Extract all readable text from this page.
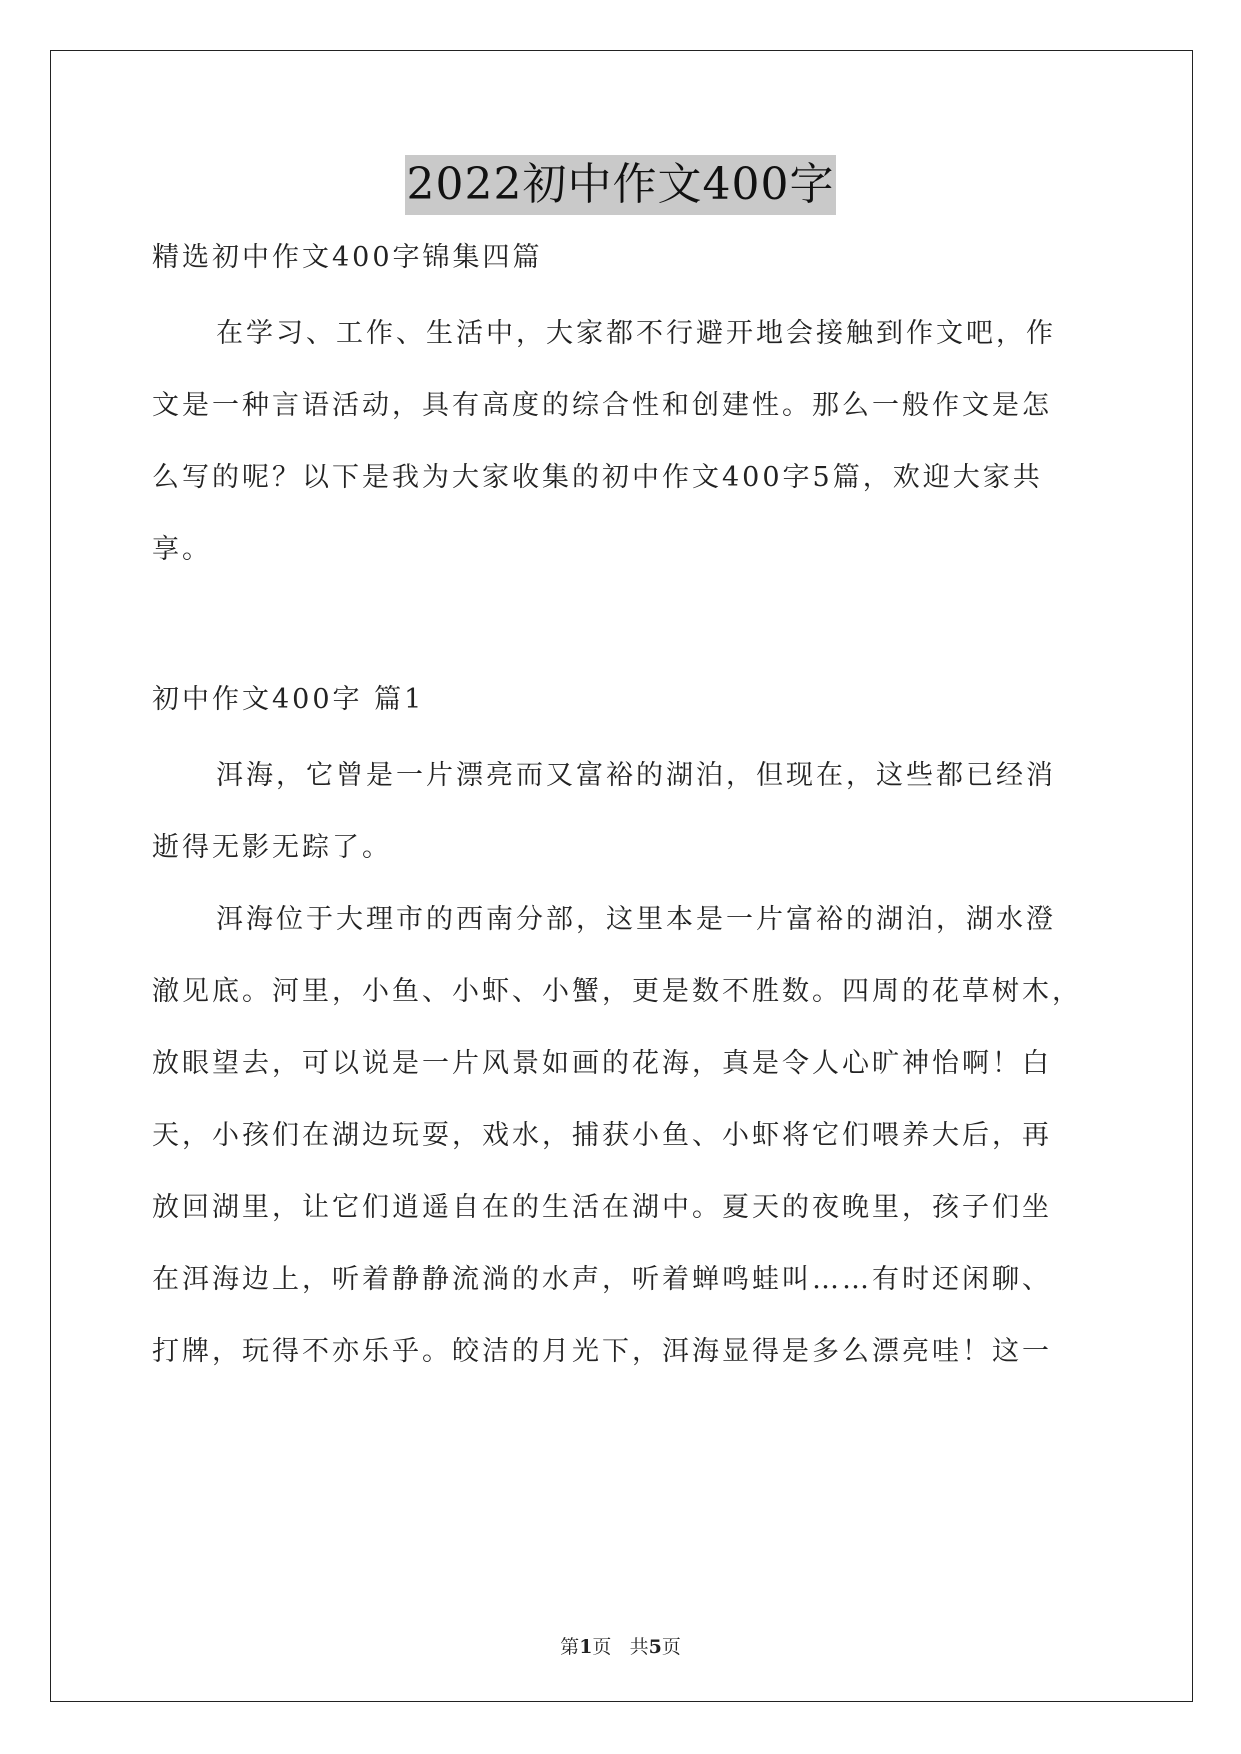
2022初中作文400字
精选初中作文400字锦集四篇
在学习、工作、生活中，大家都不行避开地会接触到作文吧，作
文是一种言语活动，具有高度的综合性和创建性。那么一般作文是怎
么写的呢？以下是我为大家收集的初中作文400字5篇，欢迎大家共
享。
初中作文400字 篇1
洱海，它曾是一片漂亮而又富裕的湖泊，但现在，这些都已经消
逝得无影无踪了。
洱海位于大理市的西南分部，这里本是一片富裕的湖泊，湖水澄
澈见底。河里，小鱼、小虾、小蟹，更是数不胜数。四周的花草树木，
放眼望去，可以说是一片风景如画的花海，真是令人心旷神怡啊！白
天，小孩们在湖边玩耍，戏水，捕获小鱼、小虾将它们喂养大后，再
放回湖里，让它们逍遥自在的生活在湖中。夏天的夜晚里，孩子们坐
在洱海边上，听着静静流淌的水声，听着蝉鸣蛙叫……有时还闲聊、
打牌，玩得不亦乐乎。皎洁的月光下，洱海显得是多么漂亮哇！这一
第1页 共5页
